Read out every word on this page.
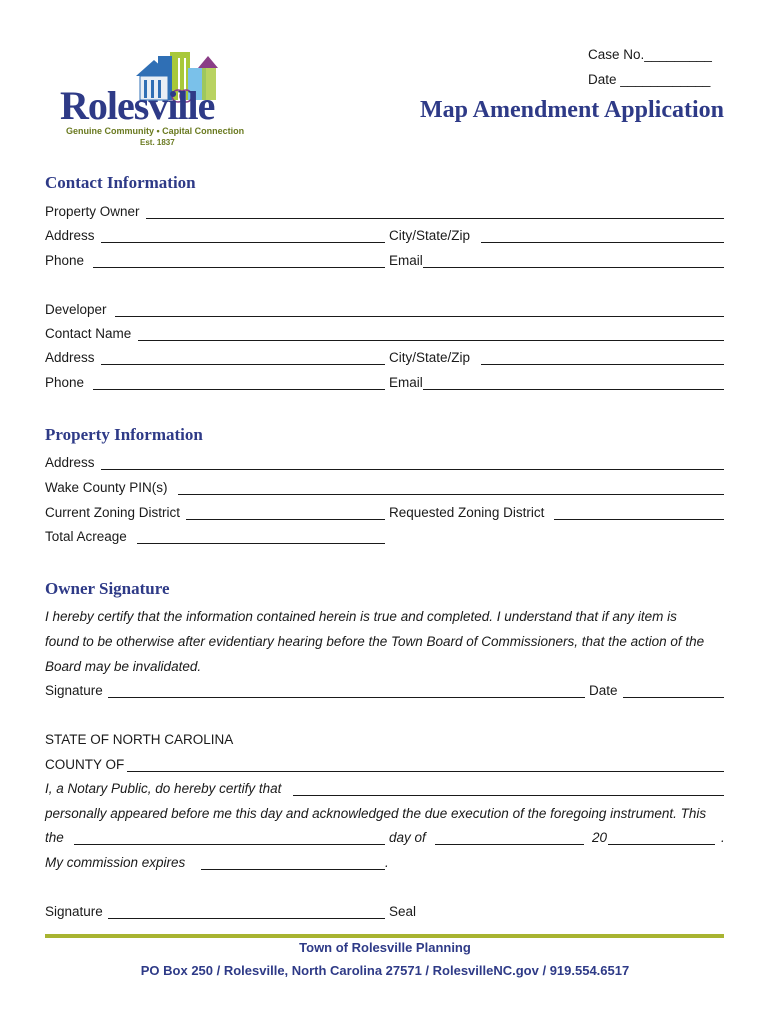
Rolesville
Genuine Community • Capital Connection
Est. 1837
Case No._________
Date ____________
Map Amendment Application
Contact Information
Property Owner
Address	City/State/Zip
Phone	Email
Developer
Contact Name
Address	City/State/Zip
Phone	Email
Property Information
Address
Wake County PIN(s)
Current Zoning District	Requested Zoning District
Total Acreage
Owner Signature
I hereby certify that the information contained herein is true and completed. I understand that if any item is
found to be otherwise after evidentiary hearing before the Town Board of Commissioners, that the action of the
Board may be invalidated.
Signature	Date
STATE OF NORTH CAROLINA
COUNTY OF
I, a Notary Public, do hereby certify that
personally appeared before me this day and acknowledged the due execution of the foregoing instrument. This
the	day of	20	.
My commission expires	.
Signature	Seal
Town of Rolesville Planning
PO Box 250 / Rolesville, North Carolina 27571 / RolesvilleNC.gov / 919.554.6517
